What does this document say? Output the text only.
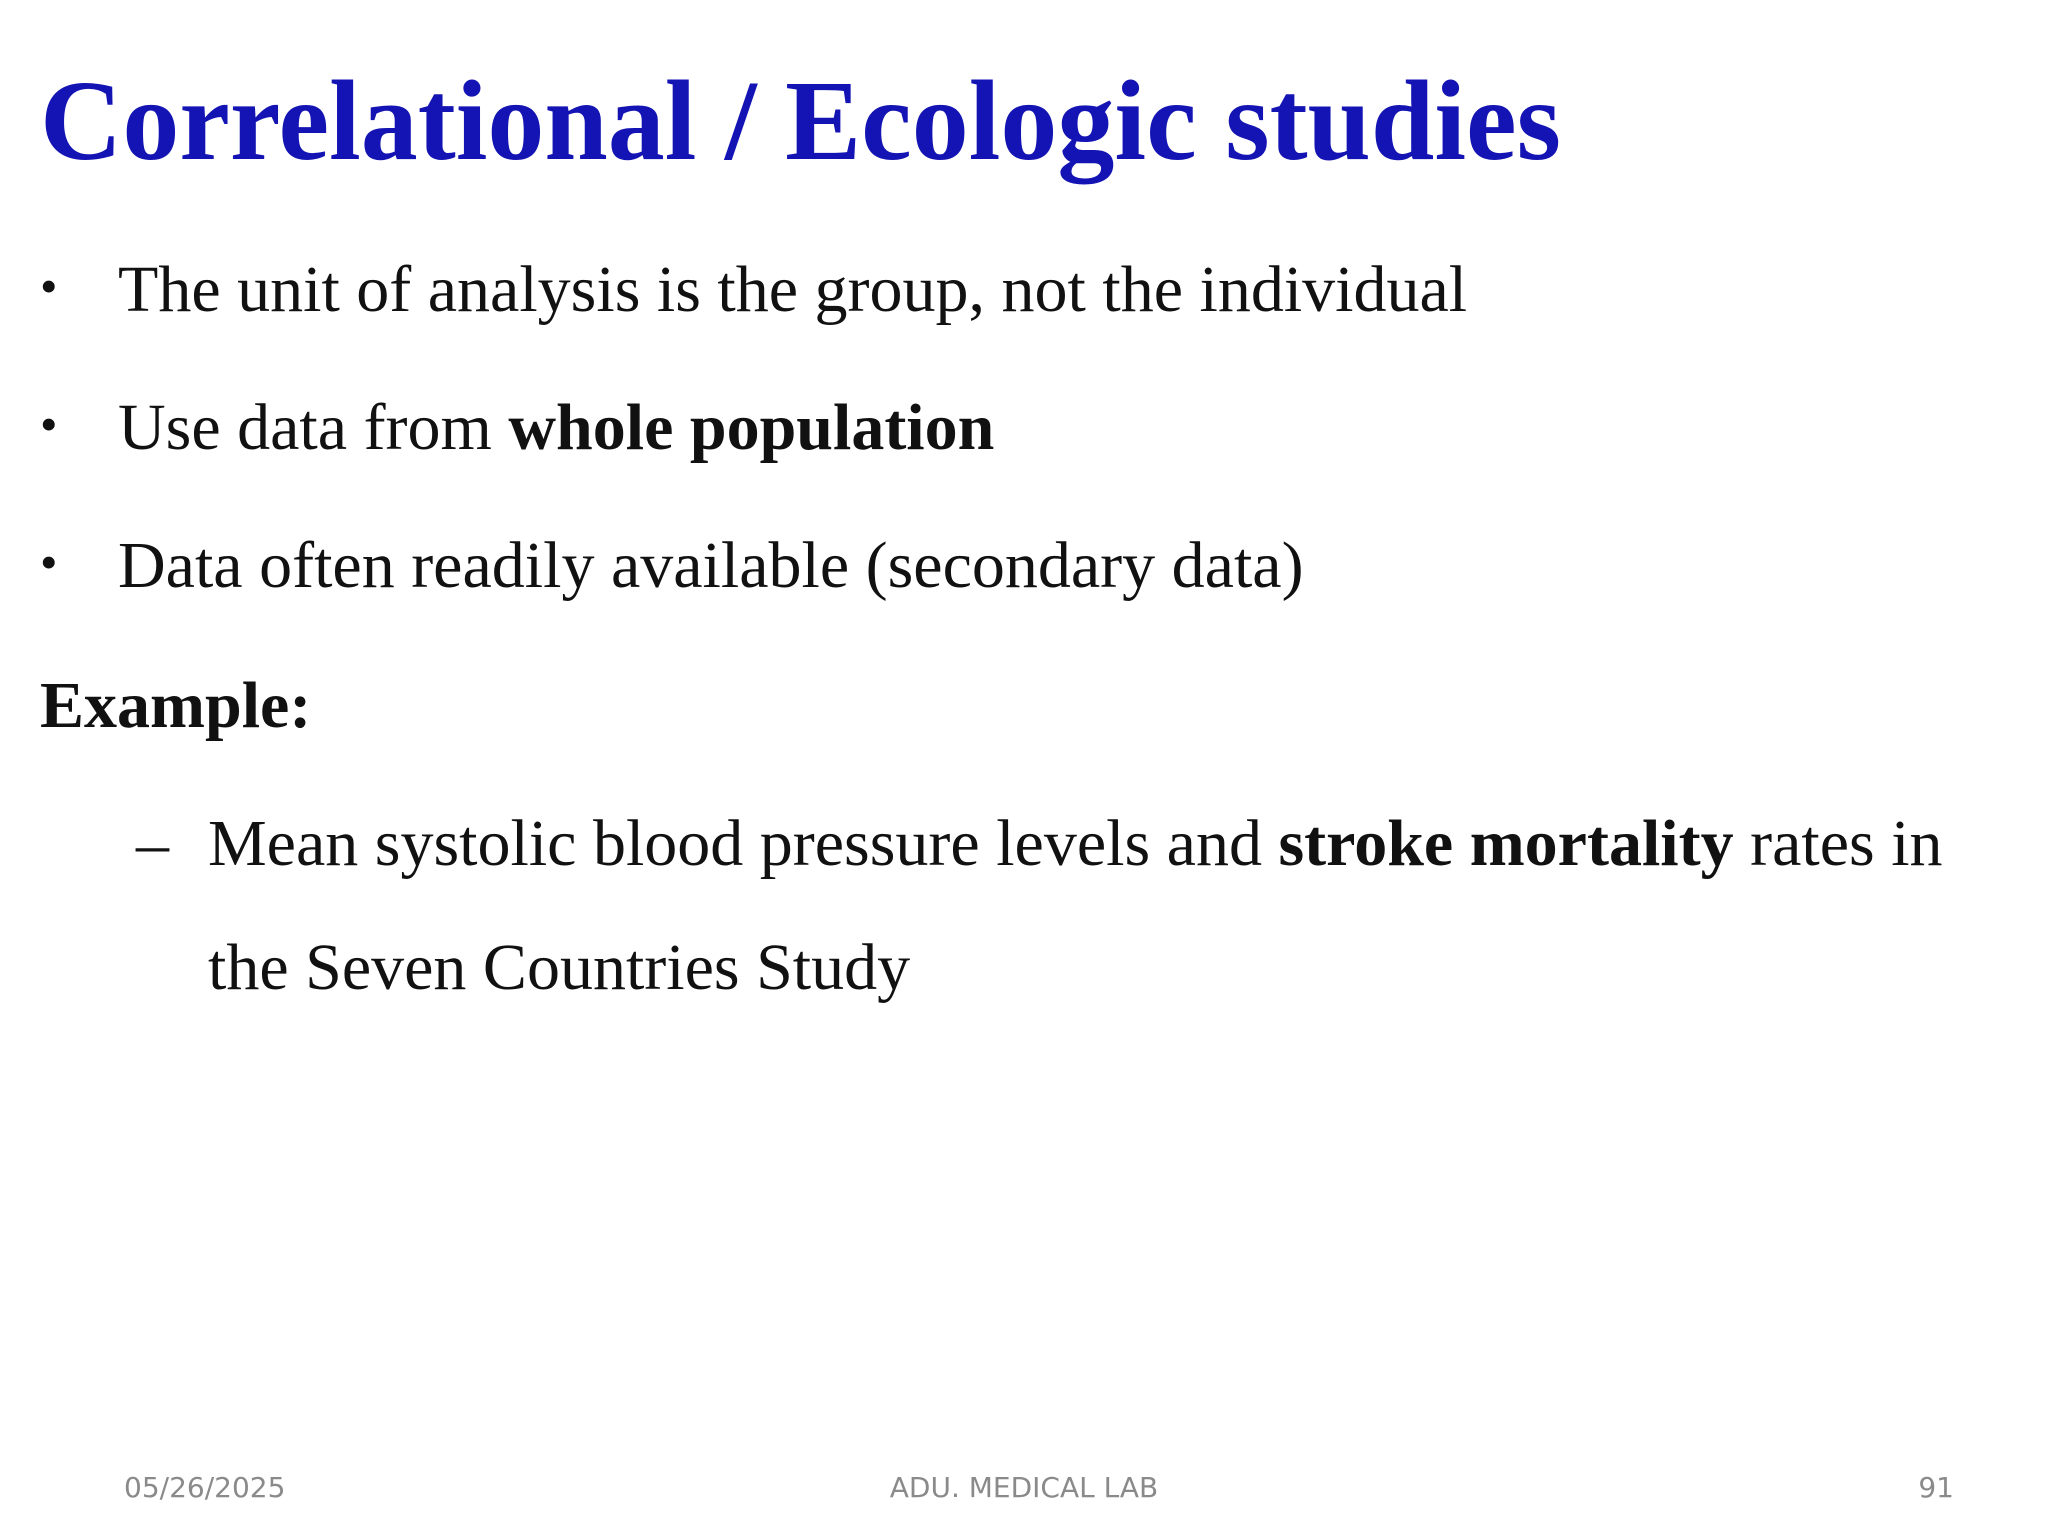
Correlational / Ecologic studies
• The unit of analysis is the group, not the individual
• Use data from whole population
• Data often readily available (secondary data)
Example:
– Mean systolic blood pressure levels and stroke mortality rates in the Seven Countries Study
05/26/2025	ADU. MEDICAL LAB	91
